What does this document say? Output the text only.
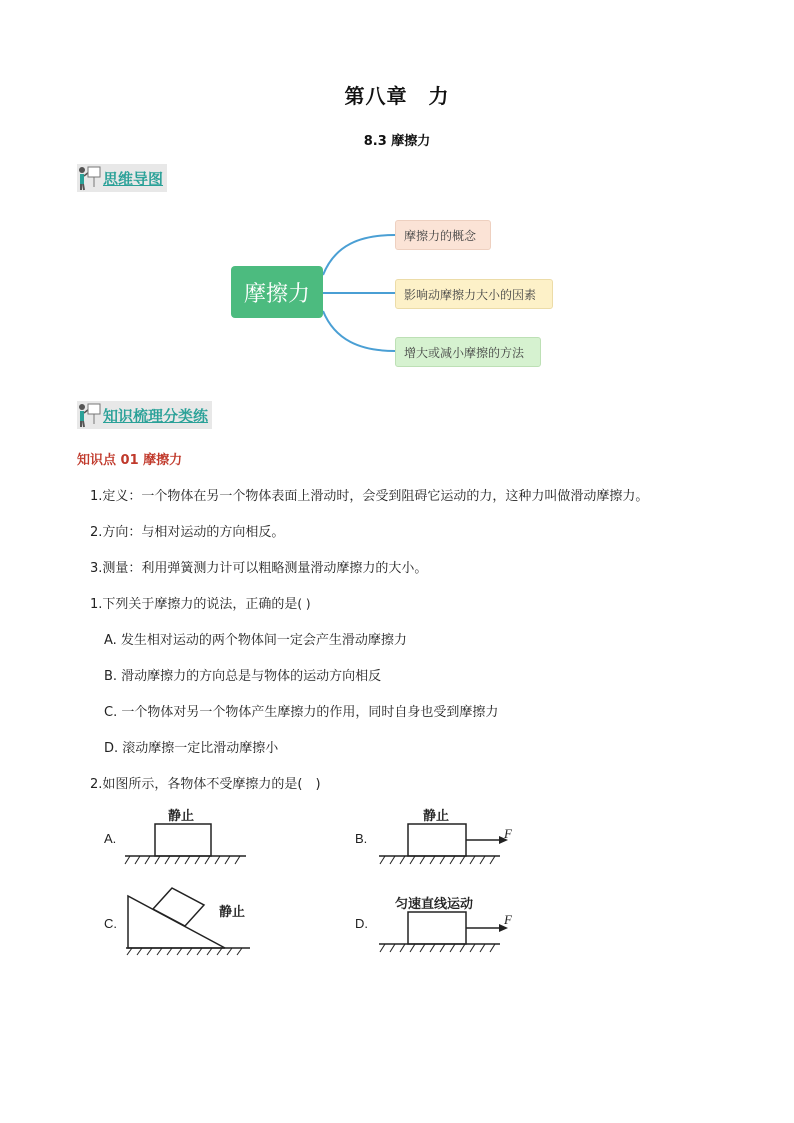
第八章　力
8.3 摩擦力
思维导图
摩擦力
摩擦力的概念
影响动摩擦力大小的因素
增大或减小摩擦的方法
知识梳理分类练
知识点 01 摩擦力
1.定义：一个物体在另一个物体表面上滑动时，会受到阻碍它运动的力，这种力叫做滑动摩擦力。
2.方向：与相对运动的方向相反。
3.测量：利用弹簧测力计可以粗略测量滑动摩擦力的大小。
1.下列关于摩擦力的说法，正确的是( )
A. 发生相对运动的两个物体间一定会产生滑动摩擦力
B. 滑动摩擦力的方向总是与物体的运动方向相反
C. 一个物体对另一个物体产生摩擦力的作用，同时自身也受到摩擦力
D. 滚动摩擦一定比滑动摩擦小
2.如图所示，各物体不受摩擦力的是(　)
A.
静止
B.
静止
F
C.
静止
D.
匀速直线运动
F
